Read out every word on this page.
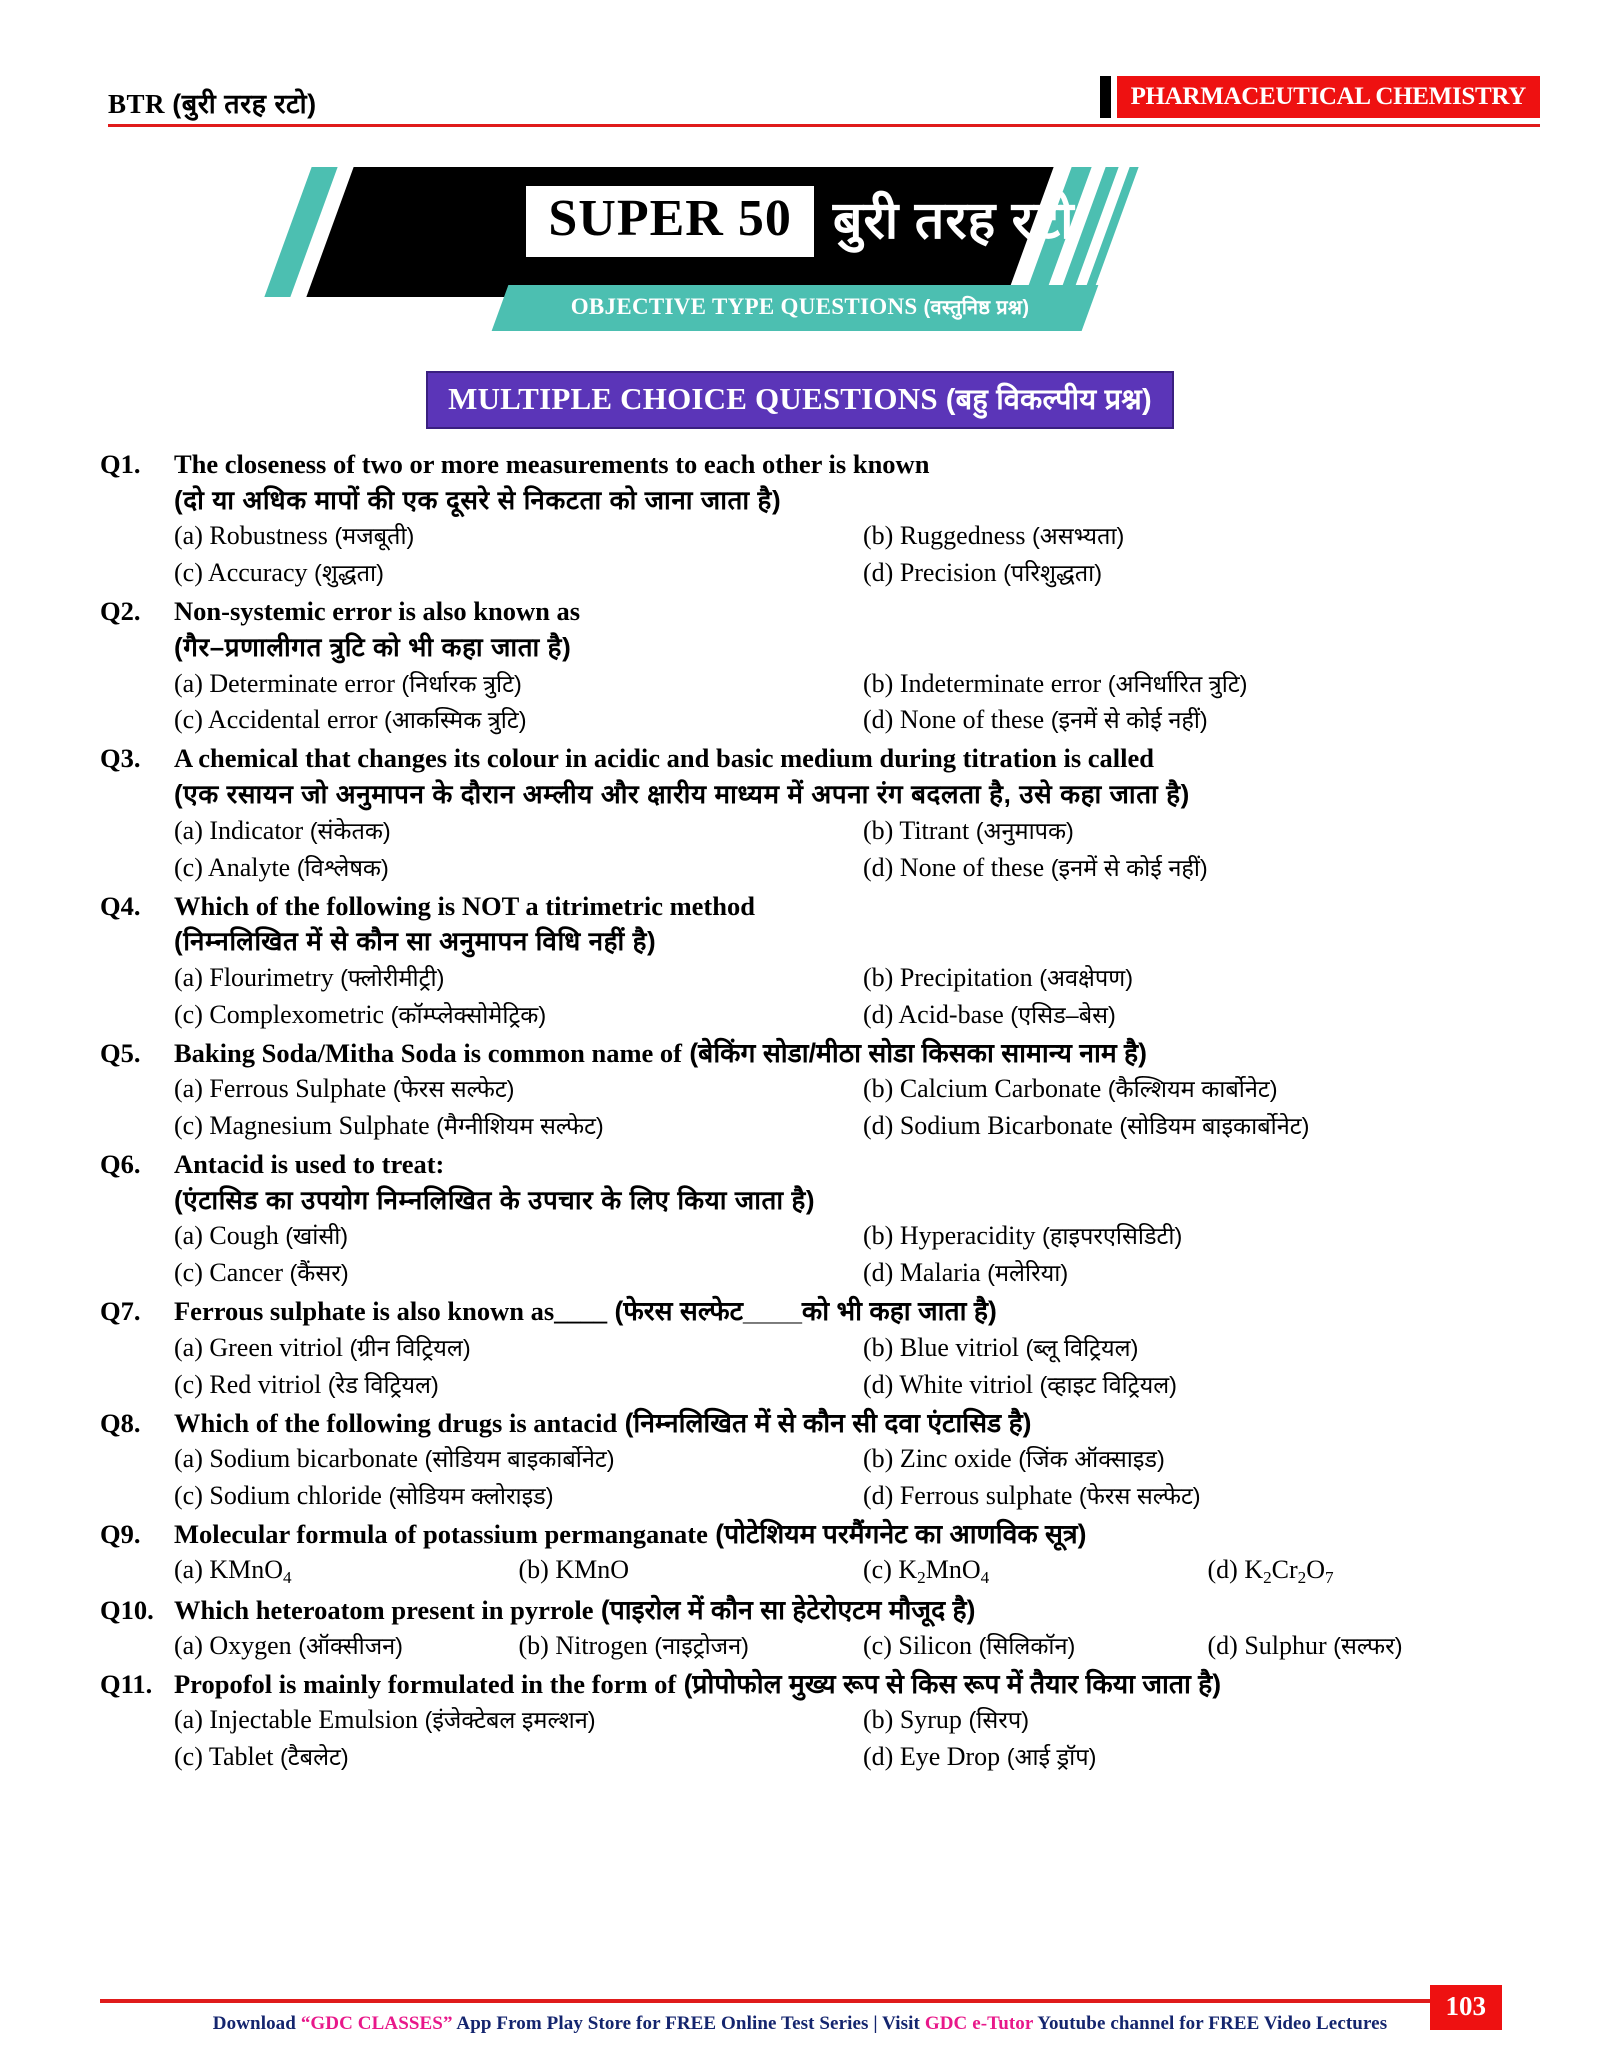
BTR (बुरी तरह रटो)	PHARMACEUTICAL CHEMISTRY
SUPER 50 बुरी तरह रटो
OBJECTIVE TYPE QUESTIONS (वस्तुनिष्ठ प्रश्न)
MULTIPLE CHOICE QUESTIONS (बहु विकल्पीय प्रश्न)
Q1.	The closeness of two or more measurements to each other is known
(दो या अधिक मापों की एक दूसरे से निकटता को जाना जाता है)
(a) Robustness (मजबूती)	(b) Ruggedness (असभ्यता)
(c) Accuracy (शुद्धता)	(d) Precision (परिशुद्धता)
Q2.	Non-systemic error is also known as
(गैर–प्रणालीगत त्रुटि को भी कहा जाता है)
(a) Determinate error (निर्धारक त्रुटि)	(b) Indeterminate error (अनिर्धारित त्रुटि)
(c) Accidental error (आकस्मिक त्रुटि)	(d) None of these (इनमें से कोई नहीं)
Q3.	A chemical that changes its colour in acidic and basic medium during titration is called
(एक रसायन जो अनुमापन के दौरान अम्लीय और क्षारीय माध्यम में अपना रंग बदलता है, उसे कहा जाता है)
(a) Indicator (संकेतक)	(b) Titrant (अनुमापक)
(c) Analyte (विश्लेषक)	(d) None of these (इनमें से कोई नहीं)
Q4.	Which of the following is NOT a titrimetric method
(निम्नलिखित में से कौन सा अनुमापन विधि नहीं है)
(a) Flourimetry (फ्लोरीमीट्री)	(b) Precipitation (अवक्षेपण)
(c) Complexometric (कॉम्प्लेक्सोमेट्रिक)	(d) Acid-base (एसिड–बेस)
Q5.	Baking Soda/Mitha Soda is common name of (बेकिंग सोडा/मीठा सोडा किसका सामान्य नाम है)
(a) Ferrous Sulphate (फेरस सल्फेट)	(b) Calcium Carbonate (कैल्शियम कार्बोनेट)
(c) Magnesium Sulphate (मैग्नीशियम सल्फेट)	(d) Sodium Bicarbonate (सोडियम बाइकार्बोनेट)
Q6.	Antacid is used to treat:
(एंटासिड का उपयोग निम्नलिखित के उपचार के लिए किया जाता है)
(a) Cough (खांसी)	(b) Hyperacidity (हाइपरएसिडिटी)
(c) Cancer (कैंसर)	(d) Malaria (मलेरिया)
Q7.	Ferrous sulphate is also known as____ (फेरस सल्फेट____को भी कहा जाता है)
(a) Green vitriol (ग्रीन विट्रियल)	(b) Blue vitriol (ब्लू विट्रियल)
(c) Red vitriol (रेड विट्रियल)	(d) White vitriol (व्हाइट विट्रियल)
Q8.	Which of the following drugs is antacid (निम्नलिखित में से कौन सी दवा एंटासिड है)
(a) Sodium bicarbonate (सोडियम बाइकार्बोनेट)	(b) Zinc oxide (जिंक ऑक्साइड)
(c) Sodium chloride (सोडियम क्लोराइड)	(d) Ferrous sulphate (फेरस सल्फेट)
Q9.	Molecular formula of potassium permanganate (पोटेशियम परमैंगनेट का आणविक सूत्र)
(a) KMnO$_4$	(b) KMnO	(c) $K_2MnO_4$	(d) $K_2Cr_2O_7$
Q10. Which heteroatom present in pyrrole (पाइरोल में कौन सा हेटेरोएटम मौजूद है)
(a) Oxygen (ऑक्सीजन)	(b) Nitrogen (नाइट्रोजन)	(c) Silicon (सिलिकॉन)	(d) Sulphur (सल्फर)
Q11. Propofol is mainly formulated in the form of (प्रोपोफोल मुख्य रूप से किस रूप में तैयार किया जाता है)
(a) Injectable Emulsion (इंजेक्टेबल इमल्शन)	(b) Syrup (सिरप)
(c) Tablet (टैबलेट)	(d) Eye Drop (आई ड्रॉप)
Download “GDC CLASSES” App From Play Store for FREE Online Test Series | Visit GDC e-Tutor Youtube channel for FREE Video Lectures
103
